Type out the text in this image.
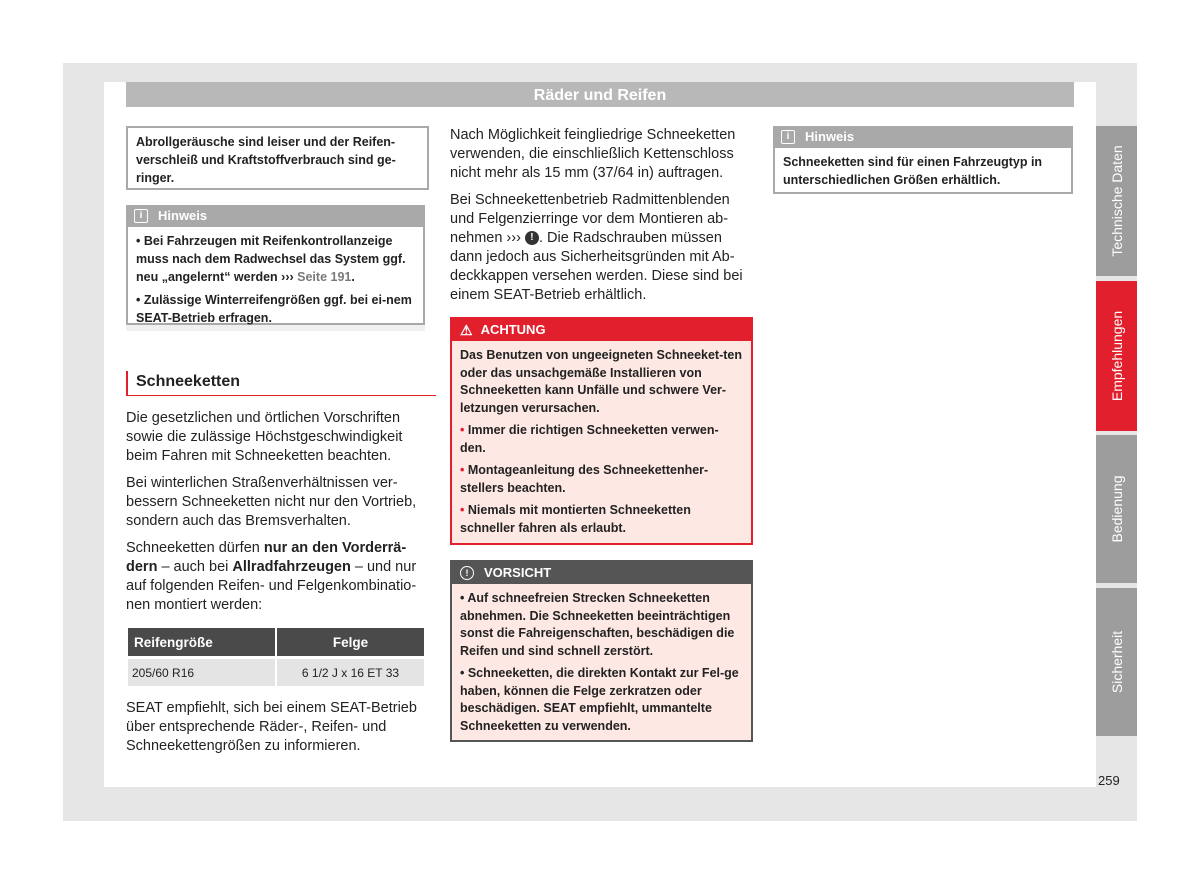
Räder und Reifen
Abrollgeräusche sind leiser und der Reifen-verschleiß und Kraftstoffverbrauch sind ge-ringer.
i	Hinweis
• Bei Fahrzeugen mit Reifenkontrollanzeige muss nach dem Radwechsel das System ggf. neu „angelernt“ werden ››› Seite 191.
• Zulässige Winterreifengrößen ggf. bei ei-nem SEAT-Betrieb erfragen.
Schneeketten

Die gesetzlichen und örtlichen Vorschriften sowie die zulässige Höchstgeschwindigkeit beim Fahren mit Schneeketten beachten.

Bei winterlichen Straßenverhältnissen ver-bessern Schneeketten nicht nur den Vortrieb, sondern auch das Bremsverhalten.

Schneeketten dürfen nur an den Vorderrä-dern – auch bei Allradfahrzeugen – und nur auf folgenden Reifen- und Felgenkombinatio-nen montiert werden:

Reifengröße	Felge
205/60 R16	6 1/2 J x 16 ET 33

SEAT empfiehlt, sich bei einem SEAT-Betrieb über entsprechende Räder-, Reifen- und Schneekettengrößen zu informieren.

Nach Möglichkeit feingliedrige Schneeketten verwenden, die einschließlich Kettenschloss nicht mehr als 15 mm (37/64 in) auftragen.

Bei Schneekettenbetrieb Radmittenblenden und Felgenzierringe vor dem Montieren ab-nehmen ››› ! . Die Radschrauben müssen dann jedoch aus Sicherheitsgründen mit Ab-deckkappen versehen werden. Diese sind bei einem SEAT-Betrieb erhältlich.

⚠ ACHTUNG
Das Benutzen von ungeeigneten Schneeket-ten oder das unsachgemäße Installieren von Schneeketten kann Unfälle und schwere Ver-letzungen verursachen.
• Immer die richtigen Schneeketten verwen-den.
• Montageanleitung des Schneekettenher-stellers beachten.
• Niemals mit montierten Schneeketten schneller fahren als erlaubt.
!	VORSICHT
• Auf schneefreien Strecken Schneeketten abnehmen. Die Schneeketten beeinträchtigen sonst die Fahreigenschaften, beschädigen die Reifen und sind schnell zerstört.
• Schneeketten, die direkten Kontakt zur Fel-ge haben, können die Felge zerkratzen oder beschädigen. SEAT empfiehlt, ummantelte Schneeketten zu verwenden.
i	Hinweis
Schneeketten sind für einen Fahrzeugtyp in unterschiedlichen Größen erhältlich.	Technische Daten
Empfehlungen
Bedienung
Sicherheit
259
